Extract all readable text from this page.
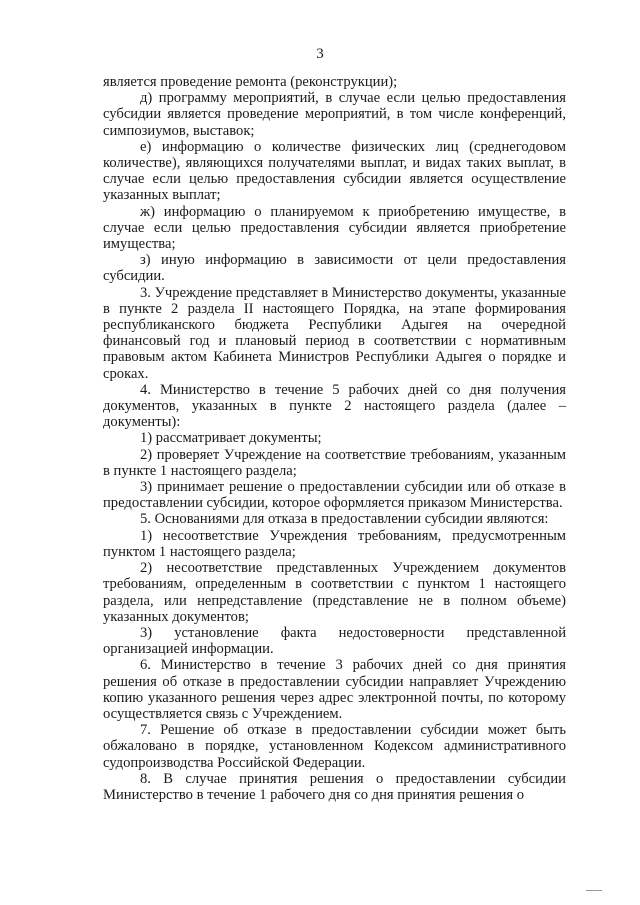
3

является проведение ремонта (реконструкции);

д) программу мероприятий, в случае если целью предоставления субсидии является проведение мероприятий, в том числе конференций, симпозиумов, выставок;

е) информацию о количестве физических лиц (среднегодовом количестве), являющихся получателями выплат, и видах таких выплат, в случае если целью предоставления субсидии является осуществление указанных выплат;

ж) информацию о планируемом к приобретению имуществе, в случае если целью предоставления субсидии является приобретение имущества;

з) иную информацию в зависимости от цели предоставления субсидии.

3. Учреждение представляет в Министерство документы, указанные в пункте 2 раздела II настоящего Порядка, на этапе формирования республиканского бюджета Республики Адыгея на очередной финансовый год и плановый период в соответствии с нормативным правовым актом Кабинета Министров Республики Адыгея о порядке и сроках.

4. Министерство в течение 5 рабочих дней со дня получения документов, указанных в пункте 2 настоящего раздела (далее – документы):

1) рассматривает документы;

2) проверяет Учреждение на соответствие требованиям, указанным в пункте 1 настоящего раздела;

3) принимает решение о предоставлении субсидии или об отказе в предоставлении субсидии, которое оформляется приказом Министерства.

5. Основаниями для отказа в предоставлении субсидии являются:

1) несоответствие Учреждения требованиям, предусмотренным пунктом 1 настоящего раздела;

2) несоответствие представленных Учреждением документов требованиям, определенным в соответствии с пунктом 1 настоящего раздела, или непредставление (представление не в полном объеме) указанных документов;

3) установление факта недостоверности представленной организацией информации.

6. Министерство в течение 3 рабочих дней со дня принятия решения об отказе в предоставлении субсидии направляет Учреждению копию указанного решения через адрес электронной почты, по которому осуществляется связь с Учреждением.

7. Решение об отказе в предоставлении субсидии может быть обжаловано в порядке, установленном Кодексом административного судопроизводства Российской Федерации.

8. В случае принятия решения о предоставлении субсидии Министерство в течение 1 рабочего дня со дня принятия решения о
